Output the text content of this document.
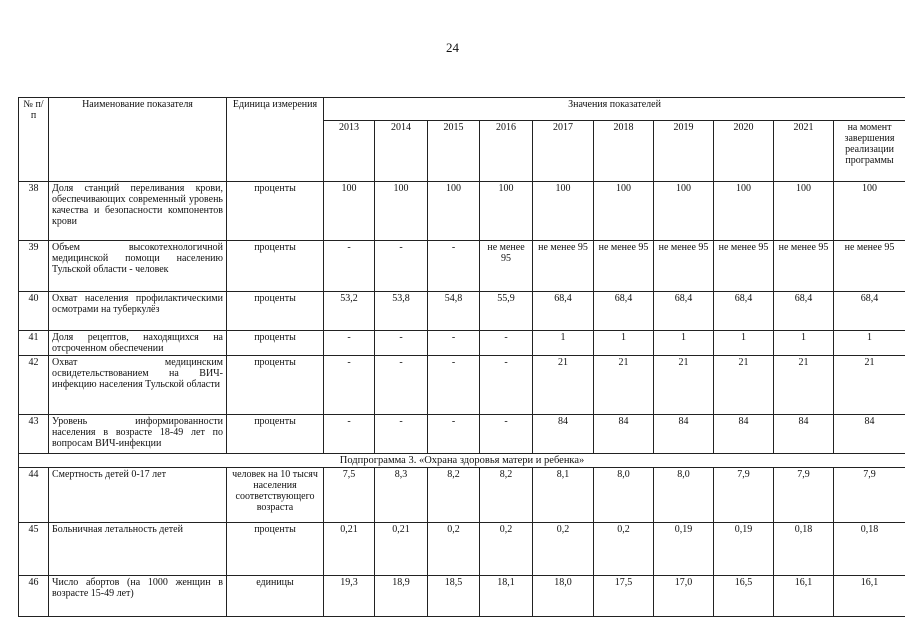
24
№ п/п	Наименование показателя	Единица измерения	Значения показателей									
			2013	2014	2015	2016	2017	2018	2019	2020	2021	на момент завершения реализации программы
38	Доля станций переливания крови, обеспечивающих современный уровень качества и безопасности компонентов крови	проценты	100	100	100	100	100	100	100	100	100	100
39	Объем высокотехнологичной медицинской помощи населению Тульской области - человек	проценты	-	-	-	не менее 95	не менее 95	не менее 95	не менее 95	не менее 95	не менее 95	не менее 95
40	Охват населения профилактическими осмотрами на туберкулёз	проценты	53,2	53,8	54,8	55,9	68,4	68,4	68,4	68,4	68,4	68,4
41	Доля рецептов, находящихся на отсроченном обеспечении	проценты	-	-	-	-	1	1	1	1	1	1
42	Охват медицинским освидетельствованием на ВИЧ-инфекцию населения Тульской области	проценты	-	-	-	-	21	21	21	21	21	21
43	Уровень информированности населения в возрасте 18-49 лет по вопросам ВИЧ-инфекции	проценты	-	-	-	-	84	84	84	84	84	84
Подпрограмма 3. «Охрана здоровья матери и ребенка»												
44	Смертность детей 0-17 лет	человек на 10 тысяч населения соответствующего возраста	7,5	8,3	8,2	8,2	8,1	8,0	8,0	7,9	7,9	7,9
45	Больничная летальность детей	проценты	0,21	0,21	0,2	0,2	0,2	0,2	0,19	0,19	0,18	0,18
46	Число абортов (на 1000 женщин в возрасте 15-49 лет)	единицы	19,3	18,9	18,5	18,1	18,0	17,5	17,0	16,5	16,1	16,1
